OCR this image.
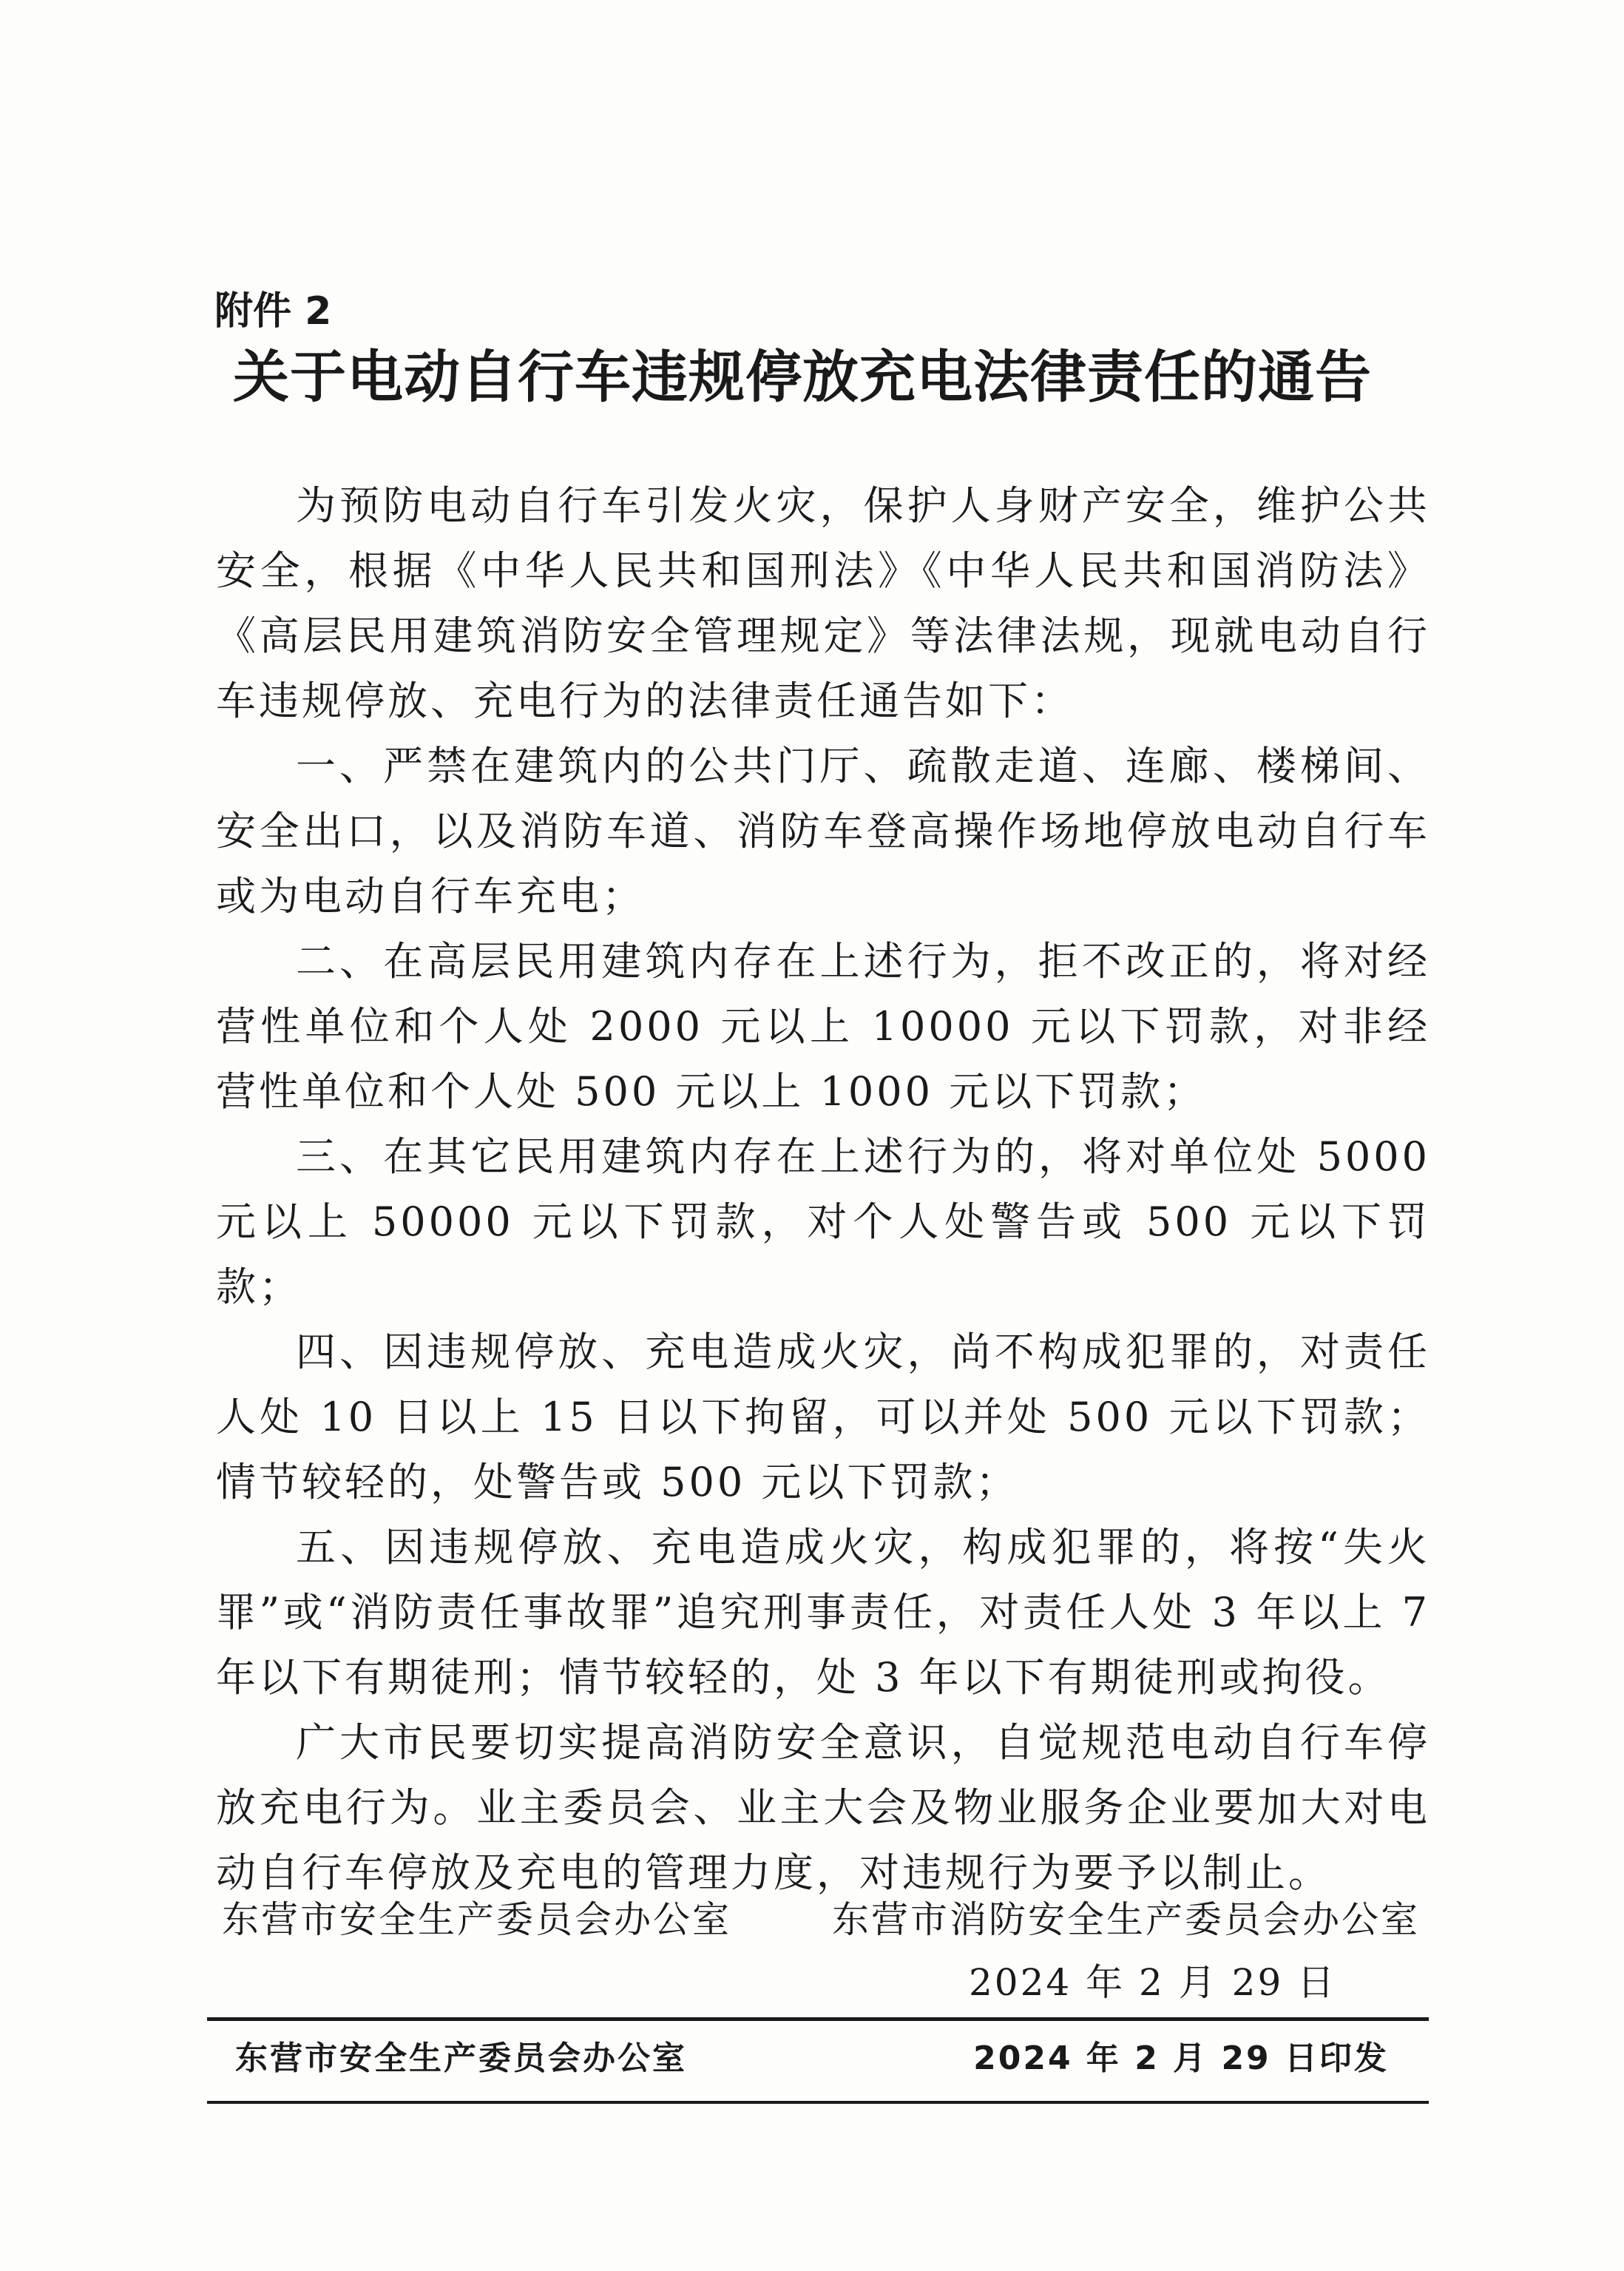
附件 2
关于电动自行车违规停放充电法律责任的通告

为预防电动自行车引发火灾，保护人身财产安全，维护公共安全，根据《中华人民共和国刑法》《中华人民共和国消防法》《高层民用建筑消防安全管理规定》等法律法规，现就电动自行车违规停放、充电行为的法律责任通告如下：

一、严禁在建筑内的公共门厅、疏散走道、连廊、楼梯间、安全出口，以及消防车道、消防车登高操作场地停放电动自行车或为电动自行车充电；

二、在高层民用建筑内存在上述行为，拒不改正的，将对经营性单位和个人处 2000 元以上 10000 元以下罚款，对非经营性单位和个人处 500 元以上 1000 元以下罚款；

三、在其它民用建筑内存在上述行为的，将对单位处 5000 元以上 50000 元以下罚款，对个人处警告或 500 元以下罚款；

四、因违规停放、充电造成火灾，尚不构成犯罪的，对责任人处 10 日以上 15 日以下拘留，可以并处 500 元以下罚款；情节较轻的，处警告或 500 元以下罚款；

五、因违规停放、充电造成火灾，构成犯罪的，将按“失火罪”或“消防责任事故罪”追究刑事责任，对责任人处 3 年以上 7 年以下有期徒刑；情节较轻的，处 3 年以下有期徒刑或拘役。

广大市民要切实提高消防安全意识，自觉规范电动自行车停放充电行为。业主委员会、业主大会及物业服务企业要加大对电动自行车停放及充电的管理力度，对违规行为要予以制止。

东营市安全生产委员会办公室	东营市消防安全生产委员会办公室
2024 年 2 月 29 日
东营市安全生产委员会办公室	2024 年 2 月 29 日印发
